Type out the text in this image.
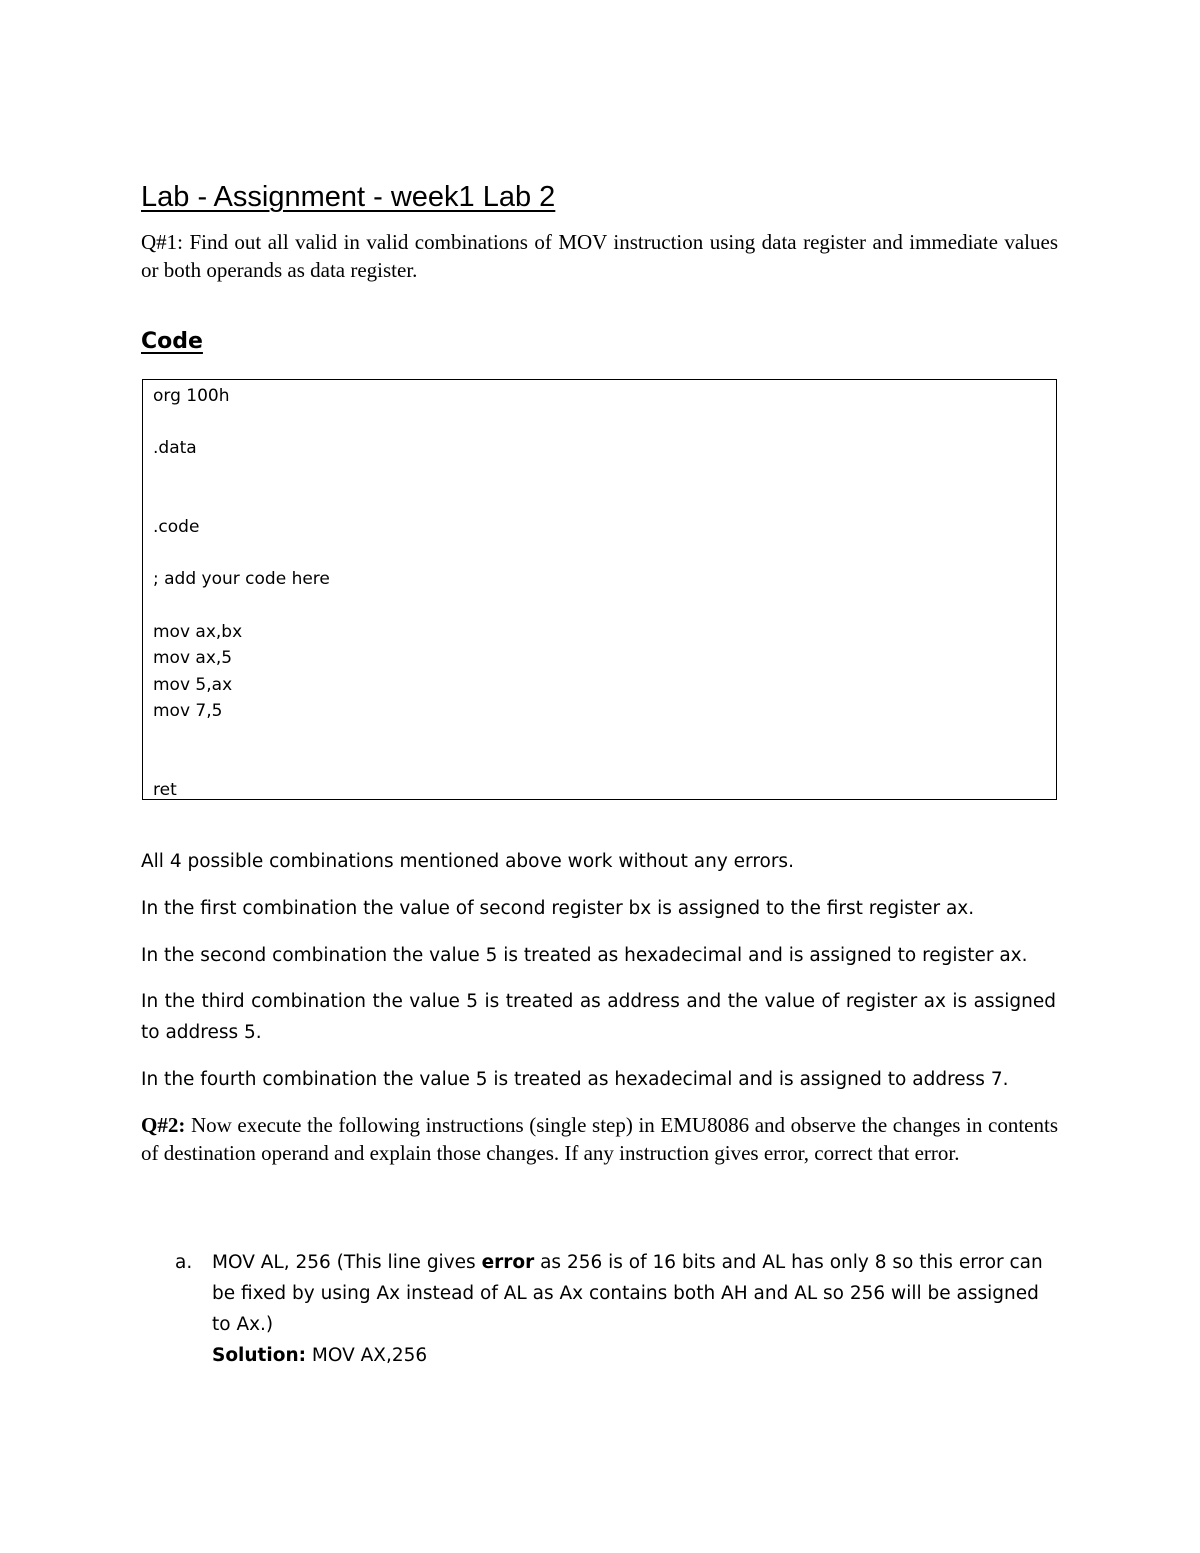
Lab - Assignment - week1 Lab 2

Q#1: Find out all valid in valid combinations of MOV instruction using data register and immediate values or both operands as data register.

Code
org 100h
.data
.code
; add your code here
mov ax,bx
mov ax,5
mov 5,ax
mov 7,5
ret

All 4 possible combinations mentioned above work without any errors.

In the first combination the value of second register bx is assigned to the first register ax.

In the second combination the value 5 is treated as hexadecimal and is assigned to register ax.

In the third combination the value 5 is treated as address and the value of register ax is assigned to address 5.

In the fourth combination the value 5 is treated as hexadecimal and is assigned to address 7.

Q#2: Now execute the following instructions (single step) in EMU8086 and observe the changes in contents of destination operand and explain those changes. If any instruction gives error, correct that error.

a. MOV AL, 256 (This line gives error as 256 is of 16 bits and AL has only 8 so this error can be fixed by using Ax instead of AL as Ax contains both AH and AL so 256 will be assigned to Ax.)
Solution: MOV AX,256
